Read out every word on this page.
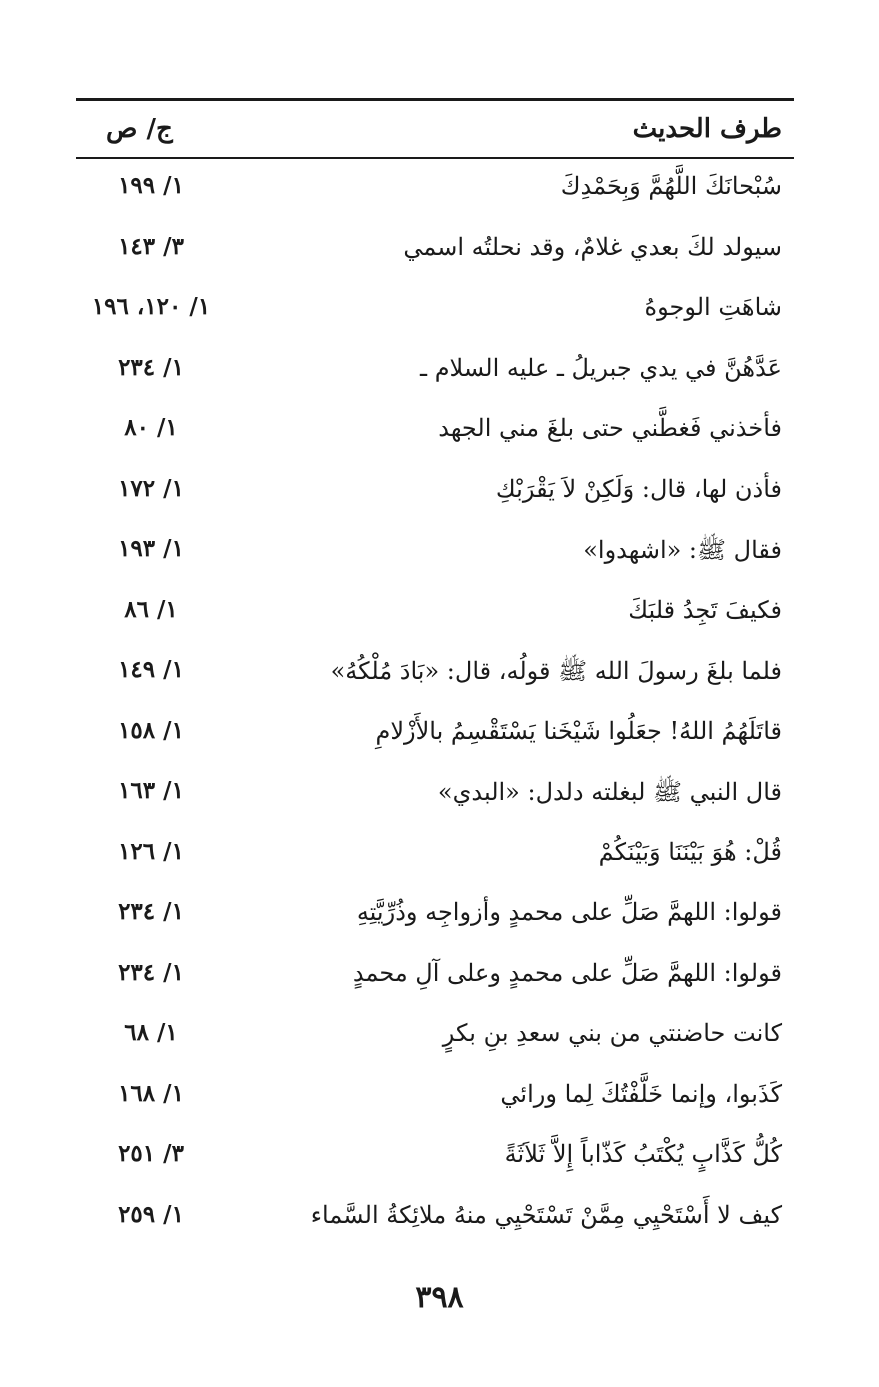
طرف الحديث
ج/ ص
سُبْحانَكَ اللَّهُمَّ وَبِحَمْدِكَ
١/ ١٩٩
سيولد لكَ بعدي غلامٌ، وقد نحلتُه اسمي
٣/ ١٤٣
شاهَتِ الوجوهُ
١/ ١٢٠، ١٩٦
عَدَّهُنَّ في يدي جبريلُ ـ عليه السلام ـ
١/ ٢٣٤
فأخذني فَغطَّني حتى بلغَ مني الجهد
١/ ٨٠
فأذن لها، قال: وَلَكِنْ لاَ يَقْرَبْكِ
١/ ١٧٢
فقال ﷺ: «اشهدوا»
١/ ١٩٣
فكيفَ تَجِدُ قلبَكَ
١/ ٨٦
فلما بلغَ رسولَ الله ﷺ قولُه، قال: «بَادَ مُلْكُهُ»
١/ ١٤٩
قاتَلَهُمُ اللهُ! جعَلُوا شَيْخَنا يَسْتَقْسِمُ بالأَزْلامِ
١/ ١٥٨
قال النبي ﷺ لبغلته دلدل: «البدي»
١/ ١٦٣
قُلْ: هُوَ بَيْنَنَا وَبَيْنَكُمْ
١/ ١٢٦
قولوا: اللهمَّ صَلِّ على محمدٍ وأزواجِه وذُرِّيَّتِهِ
١/ ٢٣٤
قولوا: اللهمَّ صَلِّ على محمدٍ وعلى آلِ محمدٍ
١/ ٢٣٤
كانت حاضنتي من بني سعدِ بنِ بكرٍ
١/ ٦٨
كَذَبوا، وإنما خَلَّفْتُكَ لِما ورائي
١/ ١٦٨
كُلُّ كَذَّابٍ يُكْتَبُ كَذّاباً إِلاَّ ثَلاَثَةً
٣/ ٢٥١
كيف لا أَسْتَحْيِي مِمَّنْ تَسْتَحْيِي منهُ ملائِكةُ السَّماء
١/ ٢٥٩
٣٩٨
